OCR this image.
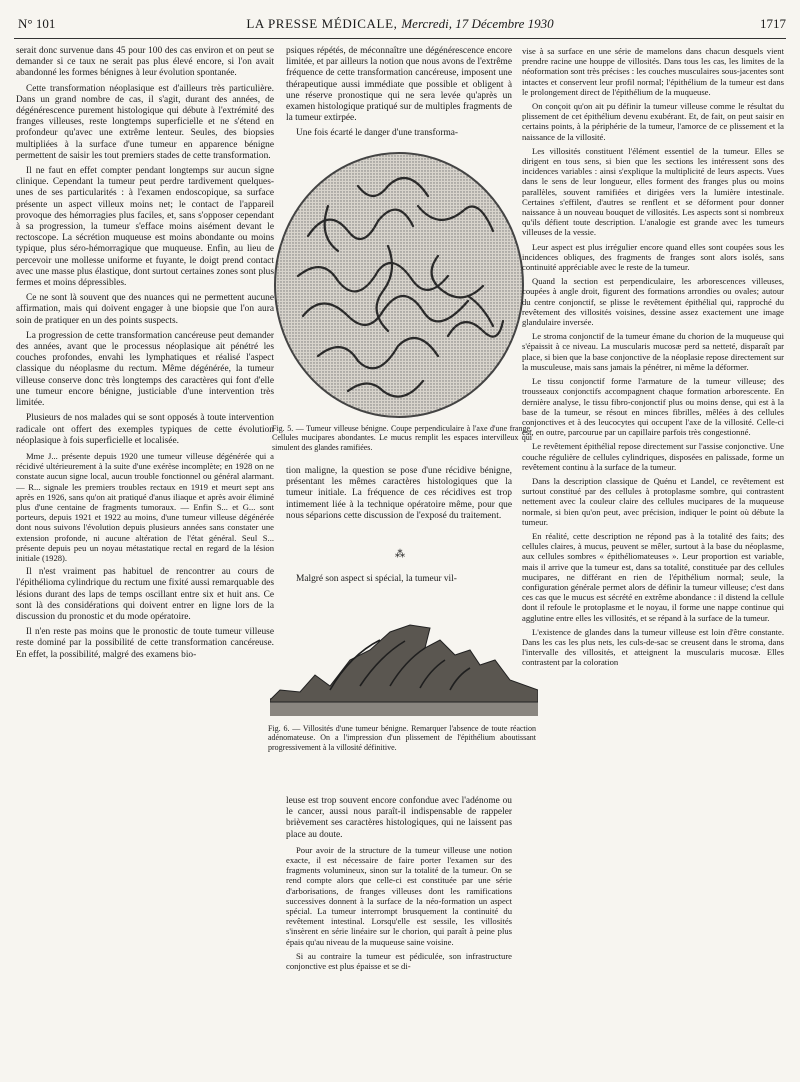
N° 101	LA PRESSE MÉDICALE, Mercredi, 17 Décembre 1930	1717

serait donc survenue dans 45 pour 100 des cas environ et on peut se demander si ce taux ne serait pas plus élevé encore, si l'on avait abandonné les formes bénignes à leur évolution spontanée.

Cette transformation néoplasique est d'ailleurs très particulière. Dans un grand nombre de cas, il s'agit, durant des années, de dégénérescence purement histologique qui débute à l'extrémité des franges villeuses, reste longtemps superficielle et ne s'étend en profondeur qu'avec une extrême lenteur. Seules, des biopsies multipliées à la surface d'une tumeur en apparence bénigne permettent de saisir les tout premiers stades de cette transformation.

Il ne faut en effet compter pendant longtemps sur aucun signe clinique. Cependant la tumeur peut perdre tardivement quelques-unes de ses particularités : à l'examen endoscopique, sa surface présente un aspect villeux moins net; le contact de l'appareil provoque des hémorragies plus faciles, et, sans s'opposer cependant à sa progression, la tumeur s'efface moins aisément devant le rectoscope. La sécrétion muqueuse est moins abondante ou moins typique, plus séro-hémorragique que muqueuse. Enfin, au lieu de percevoir une mollesse uniforme et fuyante, le doigt prend contact avec une masse plus élastique, dont surtout certaines zones sont plus fermes et moins dépressibles.

Ce ne sont là souvent que des nuances qui ne permettent aucune affirmation, mais qui doivent engager à une biopsie que l'on aura soin de pratiquer en un des points suspects.

La progression de cette transformation cancéreuse peut demander des années, avant que le processus néoplasique ait pénétré les couches profondes, envahi les lymphatiques et réalisé l'aspect classique du néoplasme du rectum. Même dégénérée, la tumeur villeuse conserve donc très longtemps des caractères qui font d'elle une tumeur encore bénigne, justiciable d'une intervention très limitée.

Plusieurs de nos malades qui se sont opposés à toute intervention radicale ont offert des exemples typiques de cette évolution néoplasique à fois superficielle et localisée.

Mme J... présente depuis 1920 une tumeur villeuse dégénérée qui a récidivé ultérieurement à la suite d'une exérèse incomplète; en 1928 on ne constate aucun signe local, aucun trouble fonctionnel ou général alarmant. — R... signale les premiers troubles rectaux en 1919 et meurt sept ans après en 1926, sans qu'on ait pratiqué d'anus iliaque et après avoir éliminé plus d'une centaine de fragments tumoraux. — Enfin S... et G... sont porteurs, depuis 1921 et 1922 au moins, d'une tumeur villeuse dégénérée dont nous suivons l'évolution depuis plusieurs années sans constater une extension profonde, ni aucune altération de l'état général. Seul S... présente depuis peu un noyau métastatique rectal en regard de la lésion initiale (1928).

Il n'est vraiment pas habituel de rencontrer au cours de l'épithélioma cylindrique du rectum une fixité aussi remarquable des lésions durant des laps de temps oscillant entre six et huit ans. Ce sont là des considérations qui doivent entrer en ligne lors de la discussion du pronostic et du mode opératoire.

Il n'en reste pas moins que le pronostic de toute tumeur villeuse reste dominé par la possibilité de cette transformation cancéreuse. En effet, la possibilité, malgré des examens bio-

psiques répétés, de méconnaître une dégénérescence encore limitée, et par ailleurs la notion que nous avons de l'extrême fréquence de cette transformation cancéreuse, imposent une thérapeutique aussi immédiate que possible et obligent à une réserve pronostique qui ne sera levée qu'après un examen histologique pratiqué sur de multiples fragments de la tumeur extirpée.

Une fois écarté le danger d'une transforma-

Fig. 5. — Tumeur villeuse bénigne. Coupe perpendiculaire à l'axe d'une frange. Cellules mucipares abondantes. Le mucus remplit les espaces intervilleux qui simulent des glandes ramifiées.

tion maligne, la question se pose d'une récidive bénigne, présentant les mêmes caractères histologiques que la tumeur initiale. La fréquence de ces récidives est trop intimement liée à la technique opératoire même, pour que nous séparions cette discussion de l'exposé du traitement.

⁂
Malgré son aspect si spécial, la tumeur vil-
Fig. 6. — Villosités d'une tumeur bénigne. Remarquer l'absence de toute réaction adénomateuse. On a l'impression d'un plissement de l'épithélium aboutissant progressivement à la villosité définitive.

leuse est trop souvent encore confondue avec l'adénome ou le cancer, aussi nous paraît-il indispensable de rappeler brièvement ses caractères histologiques, qui ne laissent pas place au doute.

Pour avoir de la structure de la tumeur villeuse une notion exacte, il est nécessaire de faire porter l'examen sur des fragments volumineux, sinon sur la totalité de la tumeur. On se rend compte alors que celle-ci est constituée par une série d'arborisations, de franges villeuses dont les ramifications successives donnent à la surface de la néo-formation un aspect spécial. La tumeur interrompt brusquement la continuité du revêtement intestinal. Lorsqu'elle est sessile, les villosités s'insèrent en série linéaire sur le chorion, qui paraît à peine plus épais qu'au niveau de la muqueuse saine voisine.

Si au contraire la tumeur est pédiculée, son infrastructure conjonctive est plus épaisse et se di-

vise à sa surface en une série de mamelons dans chacun desquels vient prendre racine une houppe de villosités. Dans tous les cas, les limites de la néoformation sont très précises : les couches musculaires sous-jacentes sont intactes et conservent leur profil normal; l'épithélium de la tumeur est dans le prolongement direct de l'épithélium de la muqueuse.

On conçoit qu'on ait pu définir la tumeur villeuse comme le résultat du plissement de cet épithélium devenu exubérant. Et, de fait, on peut saisir en certains points, à la périphérie de la tumeur, l'amorce de ce plissement et la naissance de la villosité.

Les villosités constituent l'élément essentiel de la tumeur. Elles se dirigent en tous sens, si bien que les sections les intéressent sons des incidences variables : ainsi s'explique la multiplicité de leurs aspects. Vues dans le sens de leur longueur, elles forment des franges plus ou moins parallèles, souvent ramifiées et dirigées vers la lumière intestinale. Certaines s'effilent, d'autres se renflent et se déforment pour donner naissance à un nouveau bouquet de villosités. Les aspects sont si nombreux qu'ils défient toute description. L'analogie est grande avec les tumeurs villeuses de la vessie.

Leur aspect est plus irrégulier encore quand elles sont coupées sous les incidences obliques, des fragments de franges sont alors isolés, sans continuité appréciable avec le reste de la tumeur.

Quand la section est perpendiculaire, les arborescences villeuses, coupées à angle droit, figurent des formations arrondies ou ovales; autour du centre conjonctif, se plisse le revêtement épithélial qui, rapproché du revêtement des villosités voisines, dessine assez exactement une image glandulaire inversée.

Le stroma conjonctif de la tumeur émane du chorion de la muqueuse qui s'épaissit à ce niveau. La muscularis mucosæ perd sa netteté, disparaît par place, si bien que la base conjonctive de la néoplasie repose directement sur la musculeuse, mais sans jamais la pénétrer, ni même la déformer.

Le tissu conjonctif forme l'armature de la tumeur villeuse; des trousseaux conjonctifs accompagnent chaque formation arborescente. En dernière analyse, le tissu fibro-conjonctif plus ou moins dense, qui est à la base de la tumeur, se résout en minces fibrilles, mêlées à des cellules conjonctives et à des leucocytes qui occupent l'axe de la villosité. Celle-ci est, en outre, parcourue par un capillaire parfois très congestionné.

Le revêtement épithélial repose directement sur l'assise conjonctive. Une couche régulière de cellules cylindriques, disposées en palissade, forme un revêtement continu à la surface de la tumeur.

Dans la description classique de Quénu et Landel, ce revêtement est surtout constitué par des cellules à protoplasme sombre, qui contrastent nettement avec la couleur claire des cellules mucipares de la muqueuse normale, si bien qu'on peut, avec précision, indiquer le point où débute la tumeur.

En réalité, cette description ne répond pas à la totalité des faits; des cellules claires, à mucus, peuvent se mêler, surtout à la base du néoplasme, aux cellules sombres « épithéliomateuses ». Leur proportion est variable, mais il arrive que la tumeur est, dans sa totalité, constituée par des cellules mucipares, ne différant en rien de l'épithélium normal; seule, la configuration générale permet alors de définir la tumeur villeuse; c'est dans ces cas que le mucus est sécrété en extrême abondance : il distend la cellule dont il refoule le protoplasme et le noyau, il forme une nappe continue qui agglutine entre elles les villosités, et se répand à la surface de la tumeur.

L'existence de glandes dans la tumeur villeuse est loin d'être constante. Dans les cas les plus nets, les culs-de-sac se creusent dans le stroma, dans l'intervalle des villosités, et atteignent la muscularis mucosæ. Elles contrastent par la coloration
